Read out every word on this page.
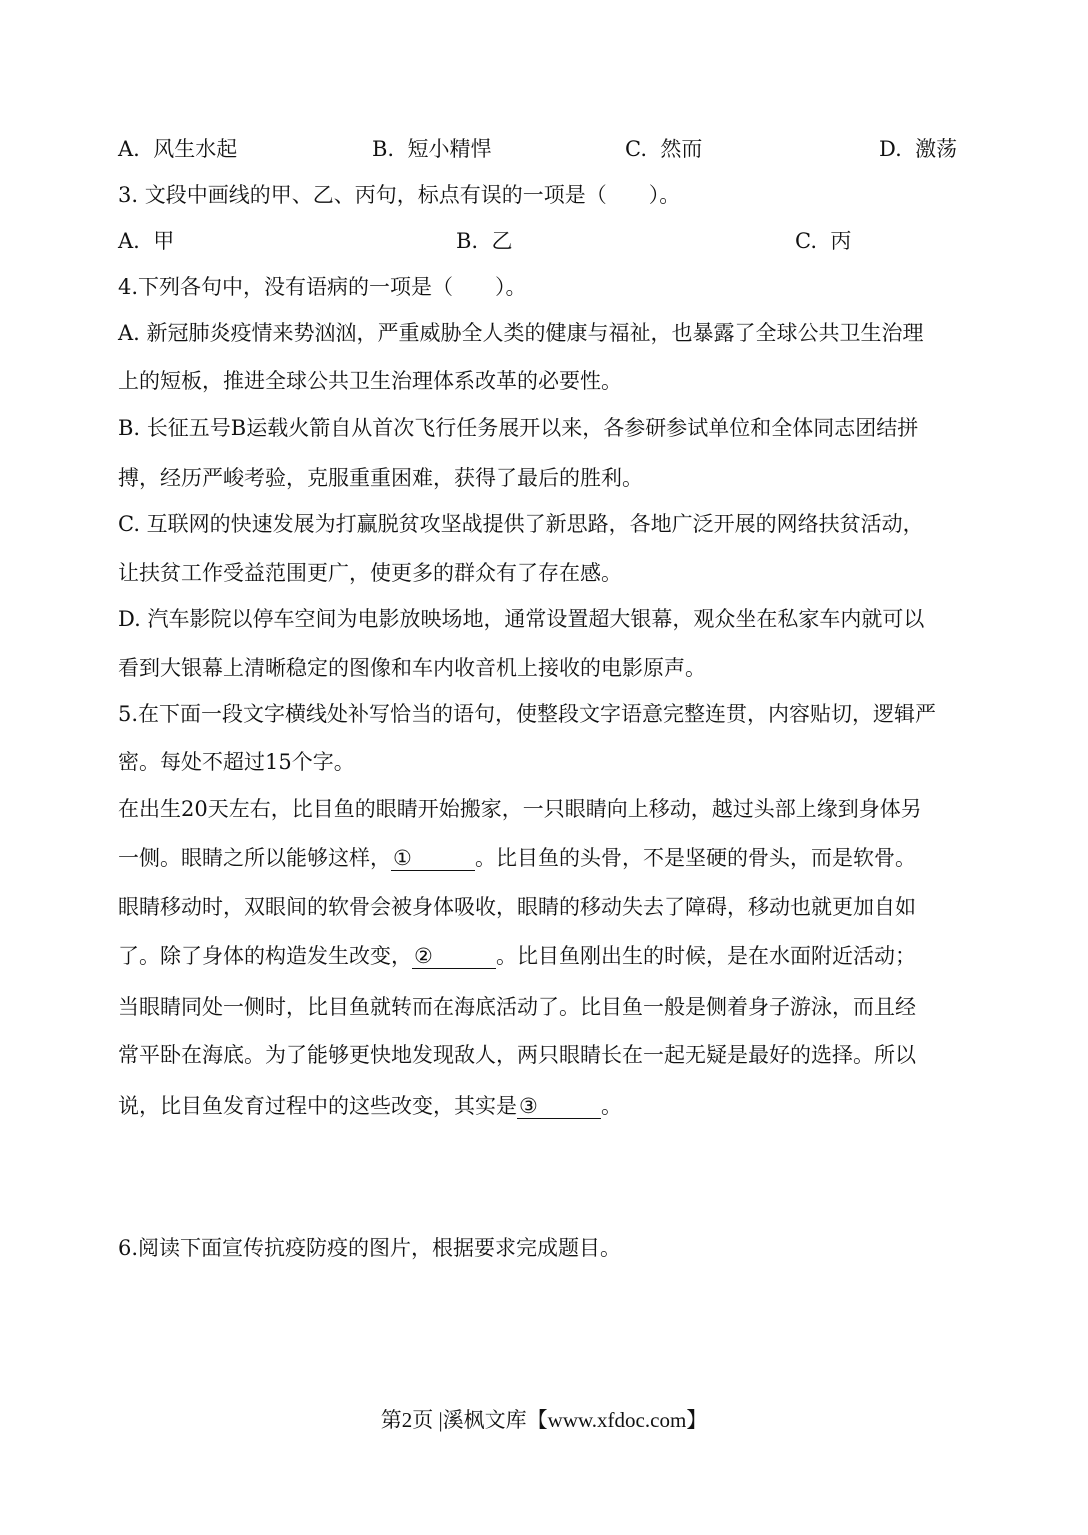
A. 风生水起	B. 短小精悍	C. 然而	D. 激荡
3. 文段中画线的甲、乙、丙句，标点有误的一项是（　　）。
A. 甲	B. 乙	C. 丙
4.下列各句中，没有语病的一项是（　　）。
A. 新冠肺炎疫情来势汹汹，严重威胁全人类的健康与福祉，也暴露了全球公共卫生治理
上的短板，推进全球公共卫生治理体系改革的必要性。
B. 长征五号B运载火箭自从首次飞行任务展开以来，各参研参试单位和全体同志团结拼
搏，经历严峻考验，克服重重困难，获得了最后的胜利。
C. 互联网的快速发展为打赢脱贫攻坚战提供了新思路，各地广泛开展的网络扶贫活动，
让扶贫工作受益范围更广，使更多的群众有了存在感。
D. 汽车影院以停车空间为电影放映场地，通常设置超大银幕，观众坐在私家车内就可以
看到大银幕上清晰稳定的图像和车内收音机上接收的电影原声。
5.在下面一段文字横线处补写恰当的语句，使整段文字语意完整连贯，内容贴切，逻辑严
密。每处不超过15个字。
在出生20天左右，比目鱼的眼睛开始搬家，一只眼睛向上移动，越过头部上缘到身体另
一侧。眼睛之所以能够这样，①	。比目鱼的头骨，不是坚硬的骨头，而是软骨。
眼睛移动时，双眼间的软骨会被身体吸收，眼睛的移动失去了障碍，移动也就更加自如
了。除了身体的构造发生改变，②	。比目鱼刚出生的时候，是在水面附近活动；
当眼睛同处一侧时，比目鱼就转而在海底活动了。比目鱼一般是侧着身子游泳，而且经
常平卧在海底。为了能够更快地发现敌人，两只眼睛长在一起无疑是最好的选择。所以
说，比目鱼发育过程中的这些改变，其实是③	。
6.阅读下面宣传抗疫防疫的图片，根据要求完成题目。
第2页 |溪枫文库【www.xfdoc.com】
